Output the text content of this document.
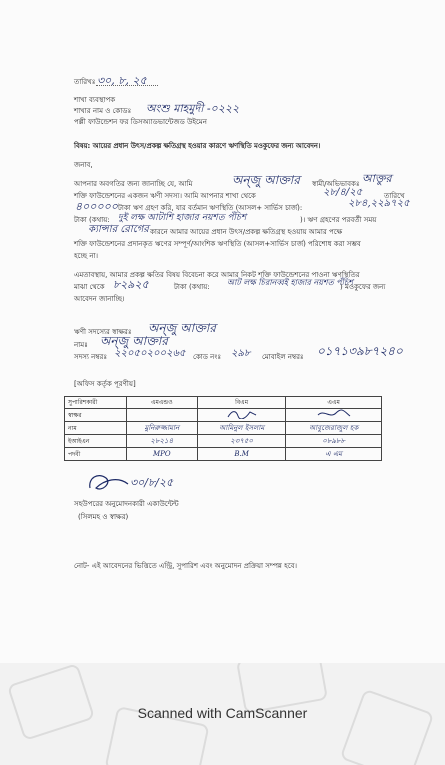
তারিখঃ ৩০, ৮, ২৫
শাখা ব্যবস্থাপক
শাখার নাম ও কোডঃ অংশু মাহমুদী -০২২২
পল্লী ফাউন্ডেশন ফর ডিসঅ্যাডভান্টেজড উইমেন
বিষয়: আয়ের প্রধান উৎস/প্রকল্প ক্ষতিগ্রস্থ হওয়ার কারণে ঋণস্থিতি মওকুফের জন্য আবেদন।
জনাব,
আপনার অবগতির জন্য জানাচ্ছি যে, আমি	অন্জু আক্তার স্বামী/অভিভাবকঃ আক্তুর
শক্তি ফাউন্ডেশনের একজন ঋণী সদস্য। আমি আপনার শাখা থেকে	২৮/৪/২৫	তারিখে
৪০০০০০ টাকা ঋণ গ্রহণ করি, যার বর্তমান ঋণস্থিতি (আসল+ সার্ভিস চার্জ):	২৮৪,২২৯৭২৫
টাকা (কথায়: দুই লক্ষ আটাশি হাজার নয়শত পঁচিশ	)। ঋণ গ্রহণের পরবর্তী সময়
ক্যান্সার রোগের কারনে আমার আয়ের প্রধান উৎস/প্রকল্প ক্ষতিগ্রস্থ হওয়ায় আমার পক্ষে
শক্তি ফাউন্ডেশনের প্রদানকৃত ঋণের সম্পূর্ণ/আংশিক ঋণস্থিতি (আসল+সার্ভিস চার্জ) পরিশোধ করা সম্ভব
হচ্ছে না।
এমতাবস্থায়, আমার প্রকল্প ক্ষতির বিষয় বিবেচনা করে আমার নিকট শক্তি ফাউন্ডেশনের পাওনা ঋণস্থিতির
মাঝা থেকে ৮২৯২৫	টাকা (কথায়: আট লক্ষ চিরানব্বই হাজার নয়শত পঁচিশ
) মওকুফের জন্য
আবেদন জানাচ্ছি।
ঋণী সদস্যের স্বাক্ষরঃ অন্জু আক্তার
নামঃ অন্জু আক্তার
সদস্য নম্বরঃ ২২০৫০২০০২৬৫ কোড নংঃ ২৯৮ মোবাইল নম্বরঃ ০১৭১৩৯৮৭২৪০
[অফিস কর্তৃক পূরণীয়]
সুপারিশকারী	এমএন্ডও	বিএম	এএম
স্বাক্ষর			
নাম	মুনিরুজ্জামান	আমিনুল ইসলাম	আবুজেরাজুল হক
ইআইএন	২৮২১৪	২৩৭৫০	০৮৯৮৮
পদবী	MPO	B.M	এ এম
৩০/৮/২৫
সহউপরের অনুমোদনকারী একাউন্টেন্ট
(সিলমহ ও স্বাক্ষর)
নোট- এই আবেদনের ভিত্তিতে এন্ট্রি, সুপারিশ এবং অনুমোদন প্রক্রিয়া সম্পন্ন হবে।
Scanned with CamScanner
